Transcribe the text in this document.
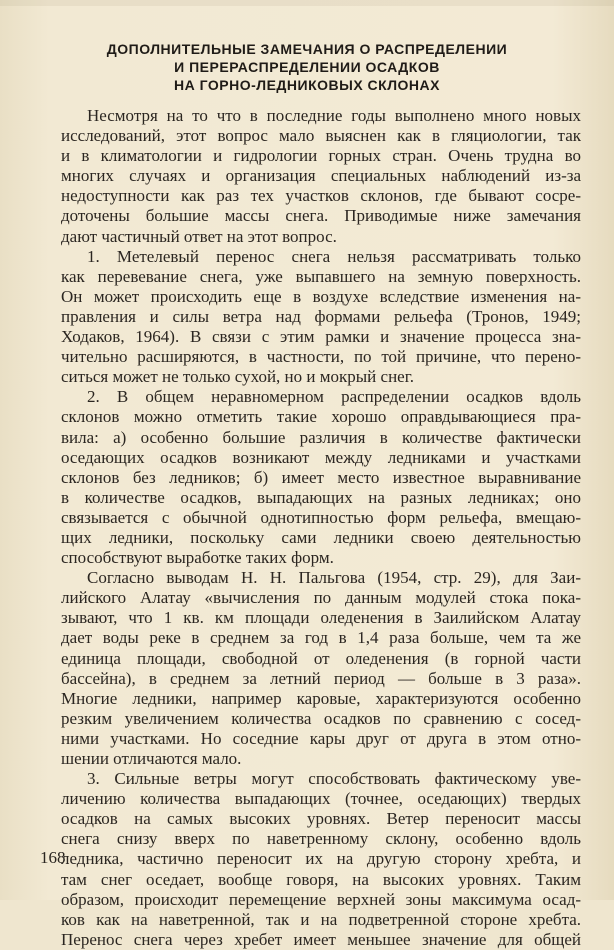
ДОПОЛНИТЕЛЬНЫЕ ЗАМЕЧАНИЯ О РАСПРЕДЕЛЕНИИ
И ПЕРЕРАСПРЕДЕЛЕНИИ ОСАДКОВ
НА ГОРНО-ЛЕДНИКОВЫХ СКЛОНАХ
Несмотря на то что в последние годы выполнено много новых
исследований, этот вопрос мало выяснен как в гляциологии, так
и в климатологии и гидрологии горных стран. Очень трудна во
многих случаях и организация специальных наблюдений из-за
недоступности как раз тех участков склонов, где бывают сосре-
доточены большие массы снега. Приводимые ниже замечания
дают частичный ответ на этот вопрос.
1. Метелевый перенос снега нельзя рассматривать только
как перевевание снега, уже выпавшего на земную поверхность.
Он может происходить еще в воздухе вследствие изменения на-
правления и силы ветра над формами рельефа (Тронов, 1949;
Ходаков, 1964). В связи с этим рамки и значение процесса зна-
чительно расширяются, в частности, по той причине, что перено-
ситься может не только сухой, но и мокрый снег.
2. В общем неравномерном распределении осадков вдоль
склонов можно отметить такие хорошо оправдывающиеся пра-
вила: а) особенно большие различия в количестве фактически
оседающих осадков возникают между ледниками и участками
склонов без ледников; б) имеет место известное выравнивание
в количестве осадков, выпадающих на разных ледниках; оно
связывается с обычной однотипностью форм рельефа, вмещаю-
щих ледники, поскольку сами ледники своею деятельностью
способствуют выработке таких форм.
Согласно выводам Н. Н. Пальгова (1954, стр. 29), для Заи-
лийского Алатау «вычисления по данным модулей стока пока-
зывают, что 1 кв. км площади оледенения в Заилийском Алатау
дает воды реке в среднем за год в 1,4 раза больше, чем та же
единица площади, свободной от оледенения (в горной части
бассейна), в среднем за летний период — больше в 3 раза».
Многие ледники, например каровые, характеризуются особенно
резким увеличением количества осадков по сравнению с сосед-
ними участками. Но соседние кары друг от друга в этом отно-
шении отличаются мало.
3. Сильные ветры могут способствовать фактическому уве-
личению количества выпадающих (точнее, оседающих) твердых
осадков на самых высоких уровнях. Ветер переносит массы
снега снизу вверх по наветренному склону, особенно вдоль
ледника, частично переносит их на другую сторону хребта, и
там снег оседает, вообще говоря, на высоких уровнях. Таким
образом, происходит перемещение верхней зоны максимума осад-
ков как на наветренной, так и на подветренной стороне хребта.
Перенос снега через хребет имеет меньшее значение для общей
168
